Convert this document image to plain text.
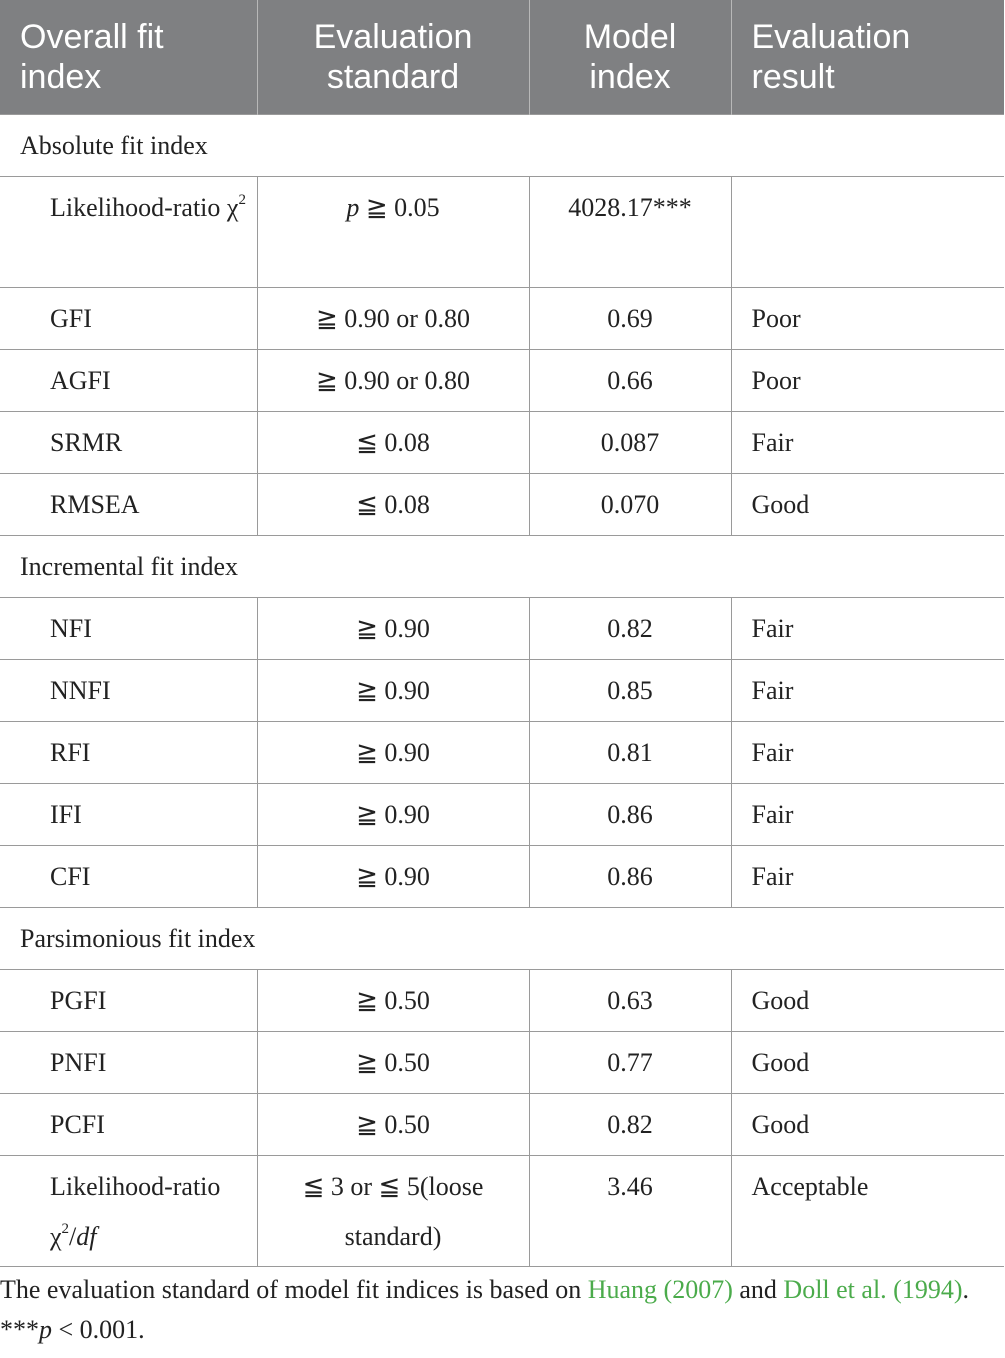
Overall fit index	Evaluation standard	Model index	Evaluation result
Absolute fit index			
Likelihood-ratio $\chi^2$	p ≧ 0.05	4028.17***	
GFI	≧ 0.90 or 0.80	0.69	Poor
AGFI	≧ 0.90 or 0.80	0.66	Poor
SRMR	≦ 0.08	0.087	Fair
RMSEA	≦ 0.08	0.070	Good
Incremental fit index			
NFI	≧ 0.90	0.82	Fair
NNFI	≧ 0.90	0.85	Fair
RFI	≧ 0.90	0.81	Fair
IFI	≧ 0.90	0.86	Fair
CFI	≧ 0.90	0.86	Fair
Parsimonious fit index			
PGFI	≧ 0.50	0.63	Good
PNFI	≧ 0.50	0.77	Good
PCFI	≧ 0.50	0.82	Good
Likelihood-ratio $\chi^2/df$	≦ 3 or ≦ 5(loose standard)	3.46	Acceptable

The evaluation standard of model fit indices is based on Huang (2007) and Doll et al. (1994).

***p < 0.001.
